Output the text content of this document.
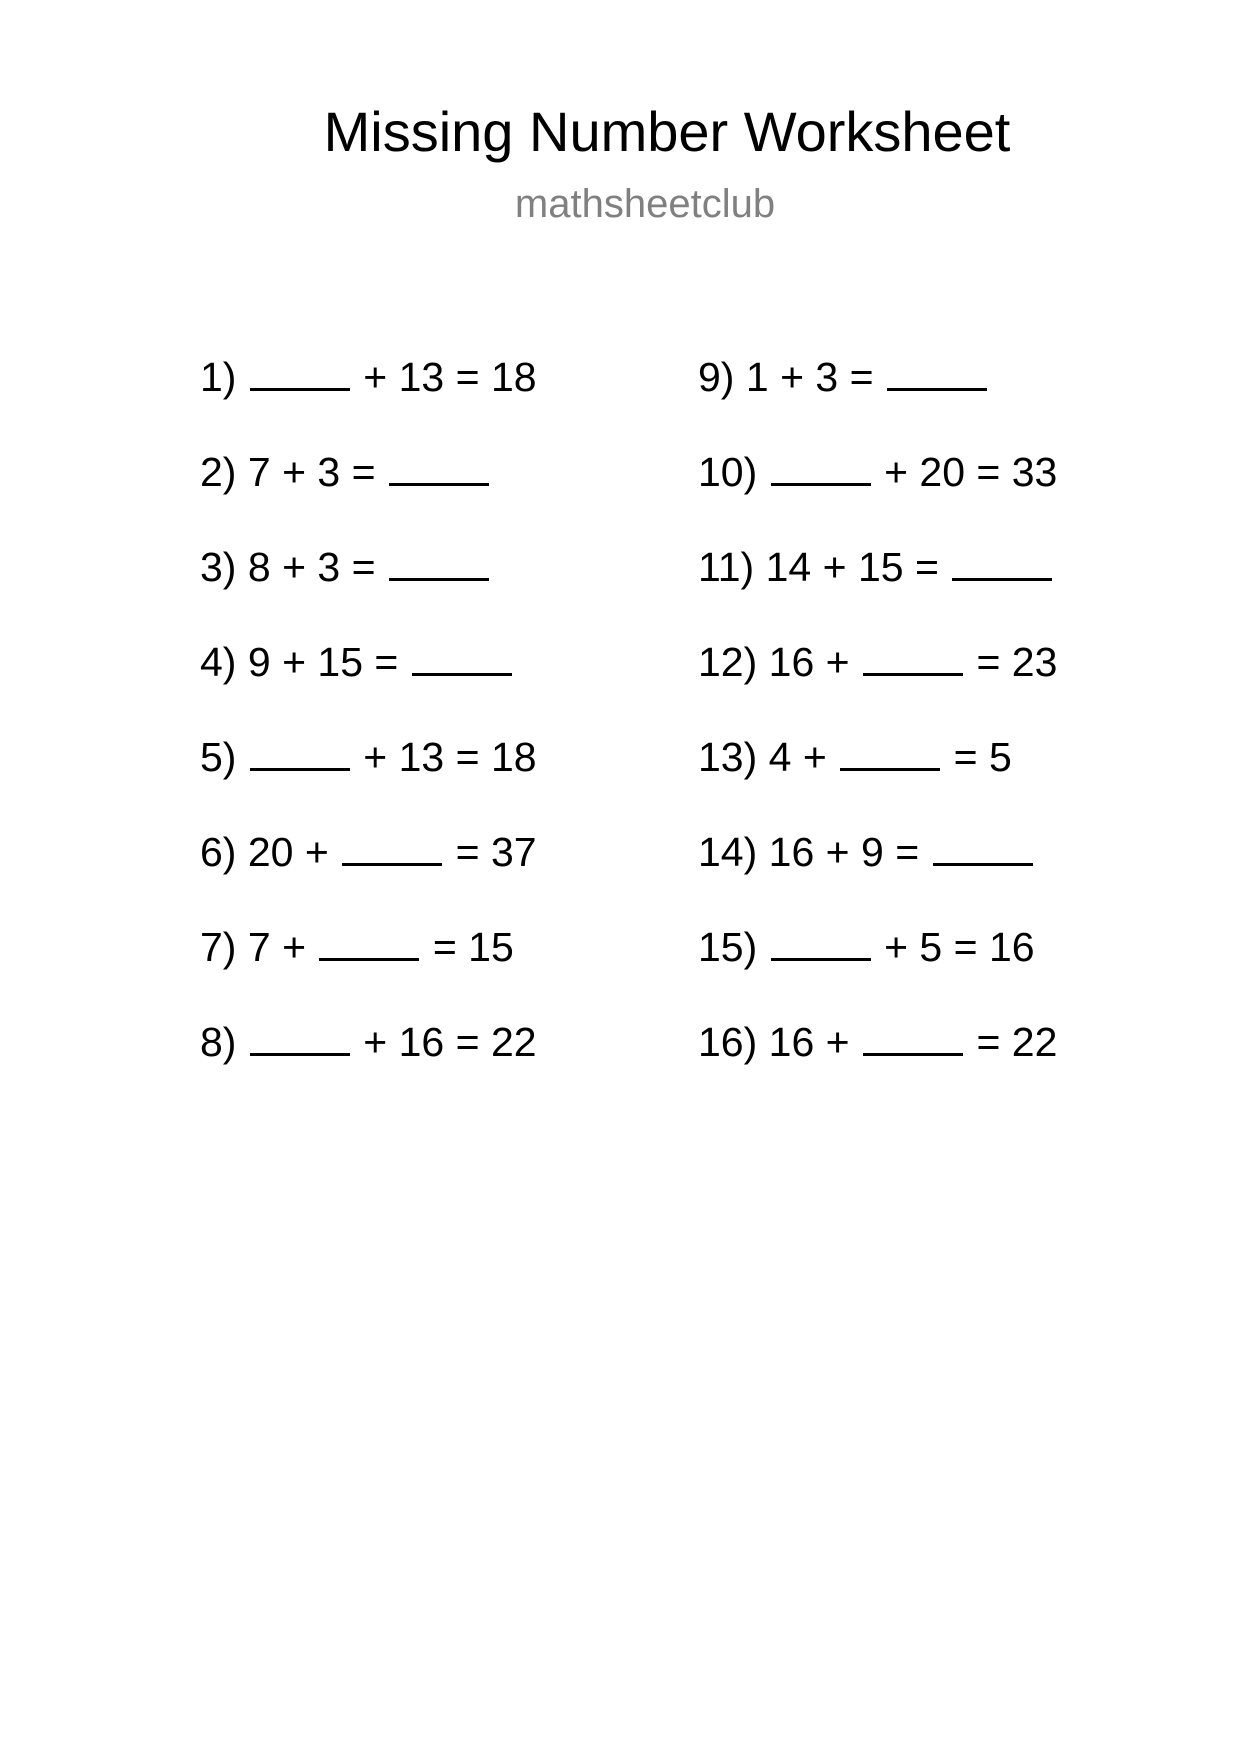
Missing Number Worksheet
mathsheetclub
1)	+ 13 = 18
2) 7 + 3 =
3) 8 + 3 =
4) 9 + 15 =
5)	+ 13 = 18
6) 20 +	= 37
7) 7 +	= 15
8)	+ 16 = 22
9) 1 + 3 =
10)	+ 20 = 33
11) 14 + 15 =
12) 16 +	= 23
13) 4 +	= 5
14) 16 + 9 =
15)	+ 5 = 16
16) 16 +	= 22
